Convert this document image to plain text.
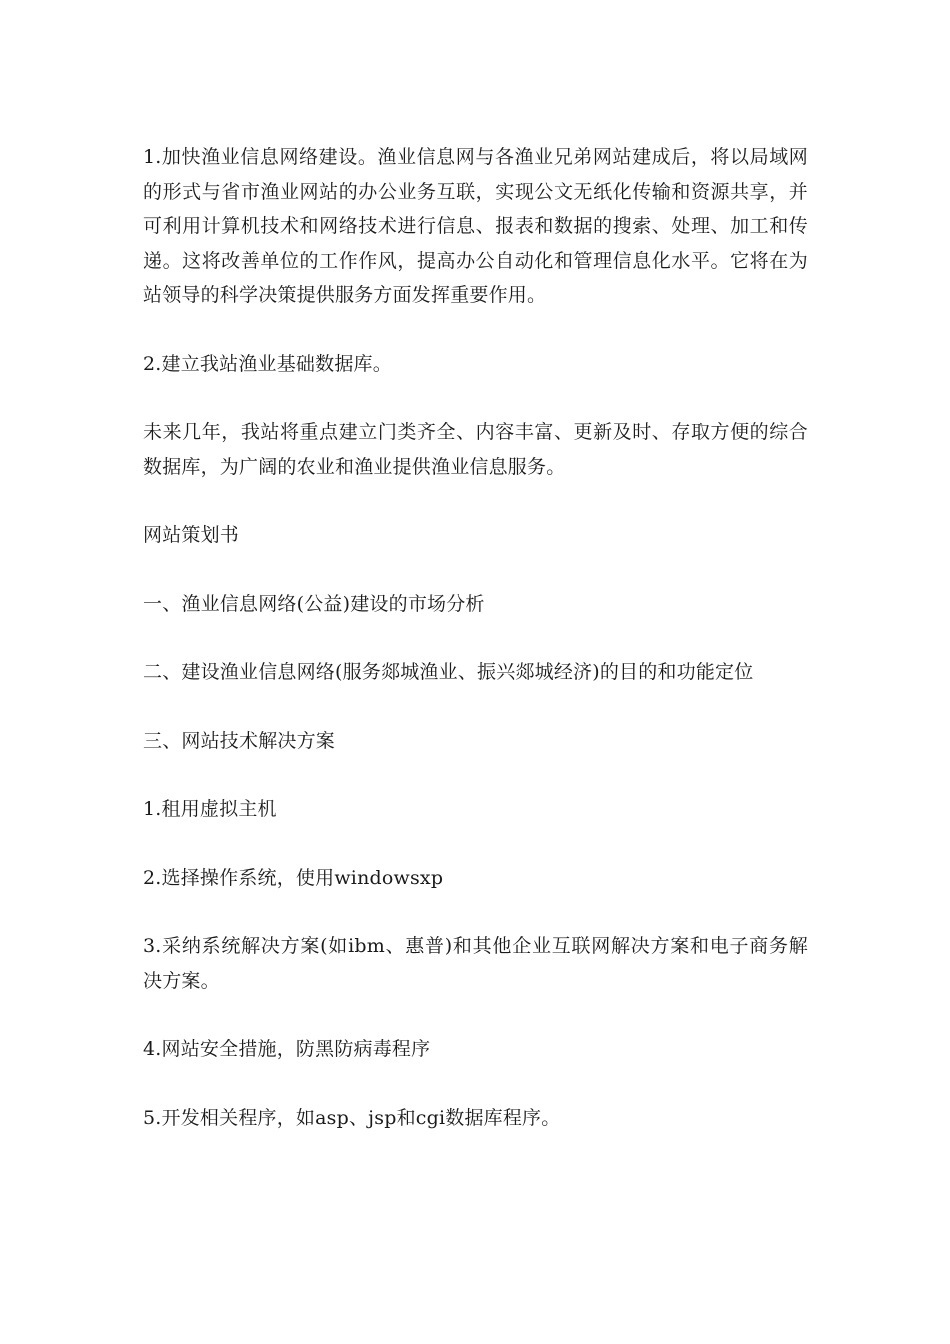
1.加快渔业信息网络建设。渔业信息网与各渔业兄弟网站建成后，将以局域网的形式与省市渔业网站的办公业务互联，实现公文无纸化传输和资源共享，并可利用计算机技术和网络技术进行信息、报表和数据的搜索、处理、加工和传递。这将改善单位的工作作风，提高办公自动化和管理信息化水平。它将在为站领导的科学决策提供服务方面发挥重要作用。

2.建立我站渔业基础数据库。

未来几年，我站将重点建立门类齐全、内容丰富、更新及时、存取方便的综合数据库，为广阔的农业和渔业提供渔业信息服务。

网站策划书

一、渔业信息网络(公益)建设的市场分析

二、建设渔业信息网络(服务郯城渔业、振兴郯城经济)的目的和功能定位

三、网站技术解决方案

1.租用虚拟主机

2.选择操作系统，使用windowsxp

3.采纳系统解决方案(如ibm、惠普)和其他企业互联网解决方案和电子商务解决方案。

4.网站安全措施，防黑防病毒程序

5.开发相关程序，如asp、jsp和cgi数据库程序。
